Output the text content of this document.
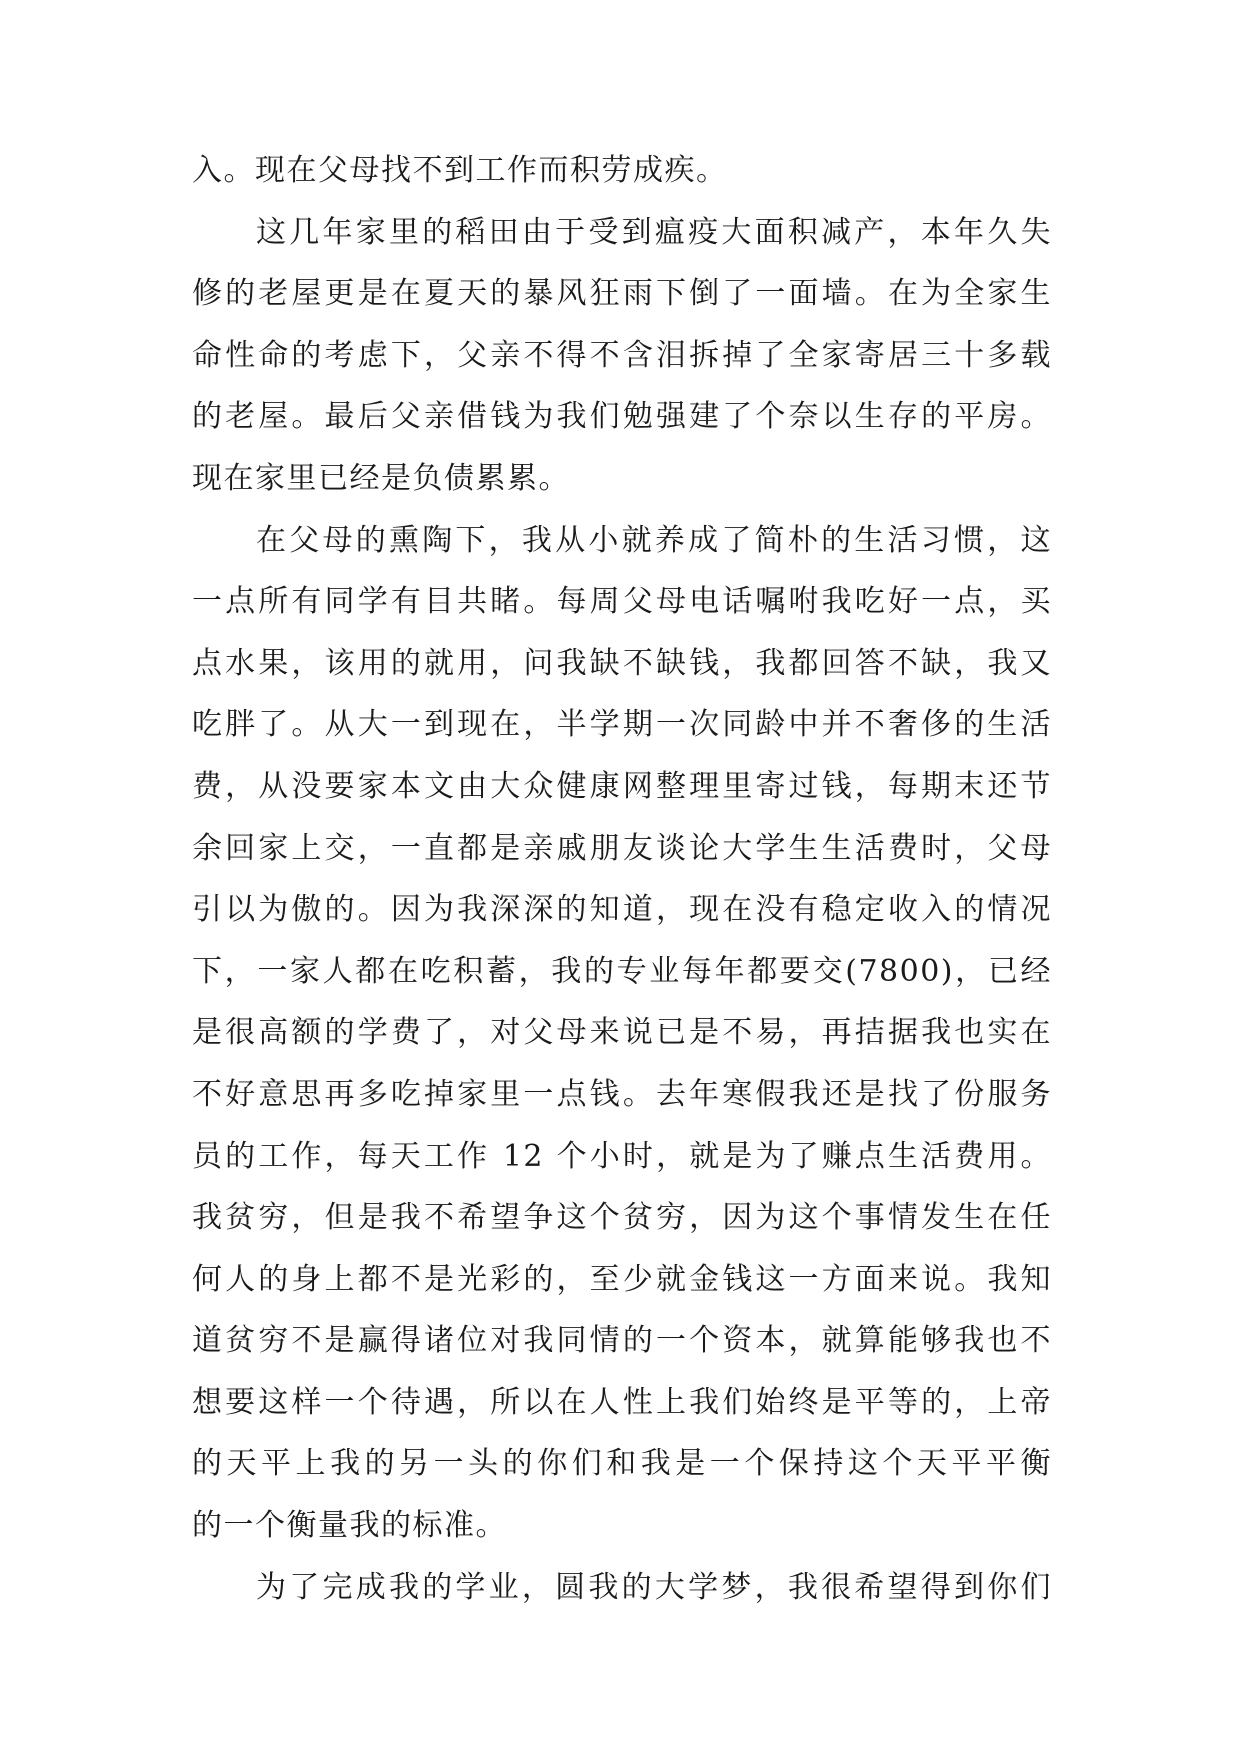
入。现在父母找不到工作而积劳成疾。
这几年家里的稻田由于受到瘟疫大面积减产，本年久失
修的老屋更是在夏天的暴风狂雨下倒了一面墙。在为全家生
命性命的考虑下，父亲不得不含泪拆掉了全家寄居三十多载
的老屋。最后父亲借钱为我们勉强建了个奈以生存的平房。
现在家里已经是负债累累。
在父母的熏陶下，我从小就养成了简朴的生活习惯，这
一点所有同学有目共睹。每周父母电话嘱咐我吃好一点，买
点水果，该用的就用，问我缺不缺钱，我都回答不缺，我又
吃胖了。从大一到现在，半学期一次同龄中并不奢侈的生活
费，从没要家本文由大众健康网整理里寄过钱，每期末还节
余回家上交，一直都是亲戚朋友谈论大学生生活费时，父母
引以为傲的。因为我深深的知道，现在没有稳定收入的情况
下，一家人都在吃积蓄，我的专业每年都要交(7800)，已经
是很高额的学费了，对父母来说已是不易，再拮据我也实在
不好意思再多吃掉家里一点钱。去年寒假我还是找了份服务
员的工作，每天工作 12 个小时，就是为了赚点生活费用。
我贫穷，但是我不希望争这个贫穷，因为这个事情发生在任
何人的身上都不是光彩的，至少就金钱这一方面来说。我知
道贫穷不是赢得诸位对我同情的一个资本，就算能够我也不
想要这样一个待遇，所以在人性上我们始终是平等的，上帝
的天平上我的另一头的你们和我是一个保持这个天平平衡
的一个衡量我的标准。
为了完成我的学业，圆我的大学梦，我很希望得到你们
